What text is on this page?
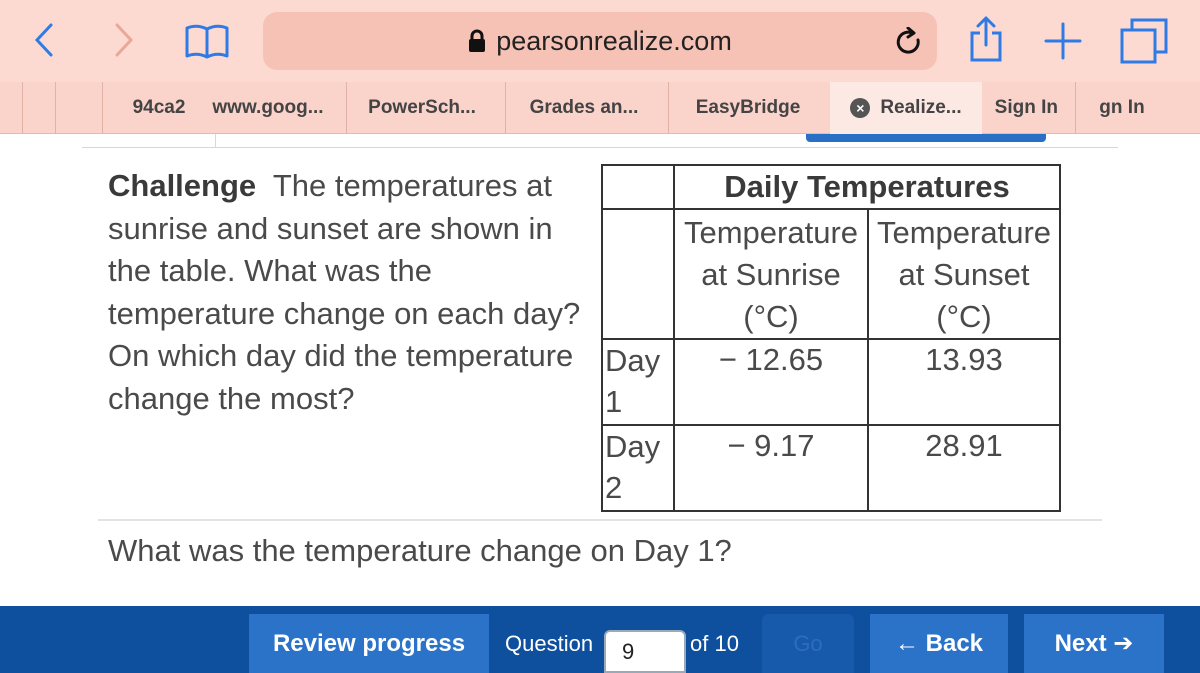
pearsonrealize.com
94ca2	www.goog...	PowerSch...	Grades an...	EasyBridge	× Realize...	Sign In	gn In
Challenge The temperatures at sunrise and sunset are shown in the table. What was the temperature change on each day? On which day did the temperature change the most?
	Daily Temperatures	
	Temperature at Sunrise (°C)	Temperature at Sunset (°C)
Day 1	− 12.65	13.93
Day 2	− 9.17	28.91
What was the temperature change on Day 1?
Review progress	Question	of 10	Go	← Back	Next ➔
9
